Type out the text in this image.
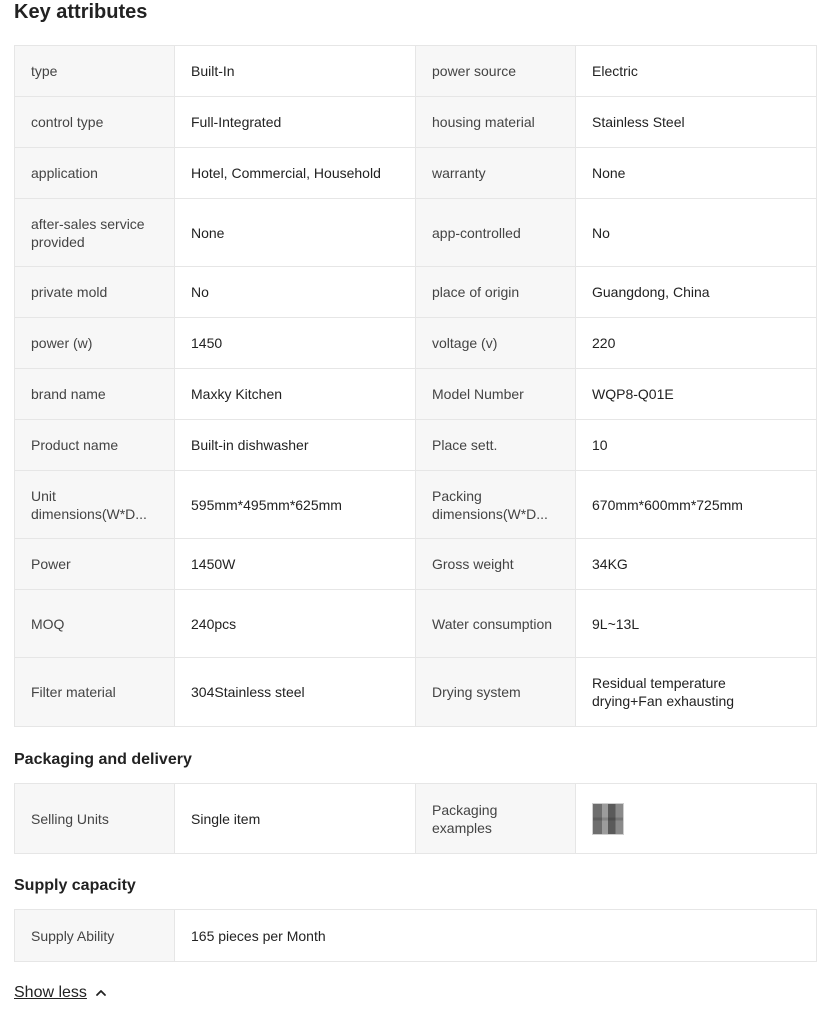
Key attributes
type	Built-In	power source	Electric
control type	Full-Integrated	housing material	Stainless Steel
application	Hotel, Commercial, Household	warranty	None
after-sales service provided	None	app-controlled	No
private mold	No	place of origin	Guangdong, China
power (w)	1450	voltage (v)	220
brand name	Maxky Kitchen	Model Number	WQP8-Q01E
Product name	Built-in dishwasher	Place sett.	10

Unit dimensions(W*D...	595mm*495mm*625mm	Packing dimensions(W*D...	670mm*600mm*725mm
Power	1450W	Gross weight	34KG
MOQ	240pcs	Water consumption	9L~13L
Filter material	304Stainless steel	Drying system	Residual temperature drying+Fan exhausting
Packaging and delivery
Selling Units	Single item	Packaging examples	
Supply capacity
Supply Ability	165 pieces per Month
Show less
